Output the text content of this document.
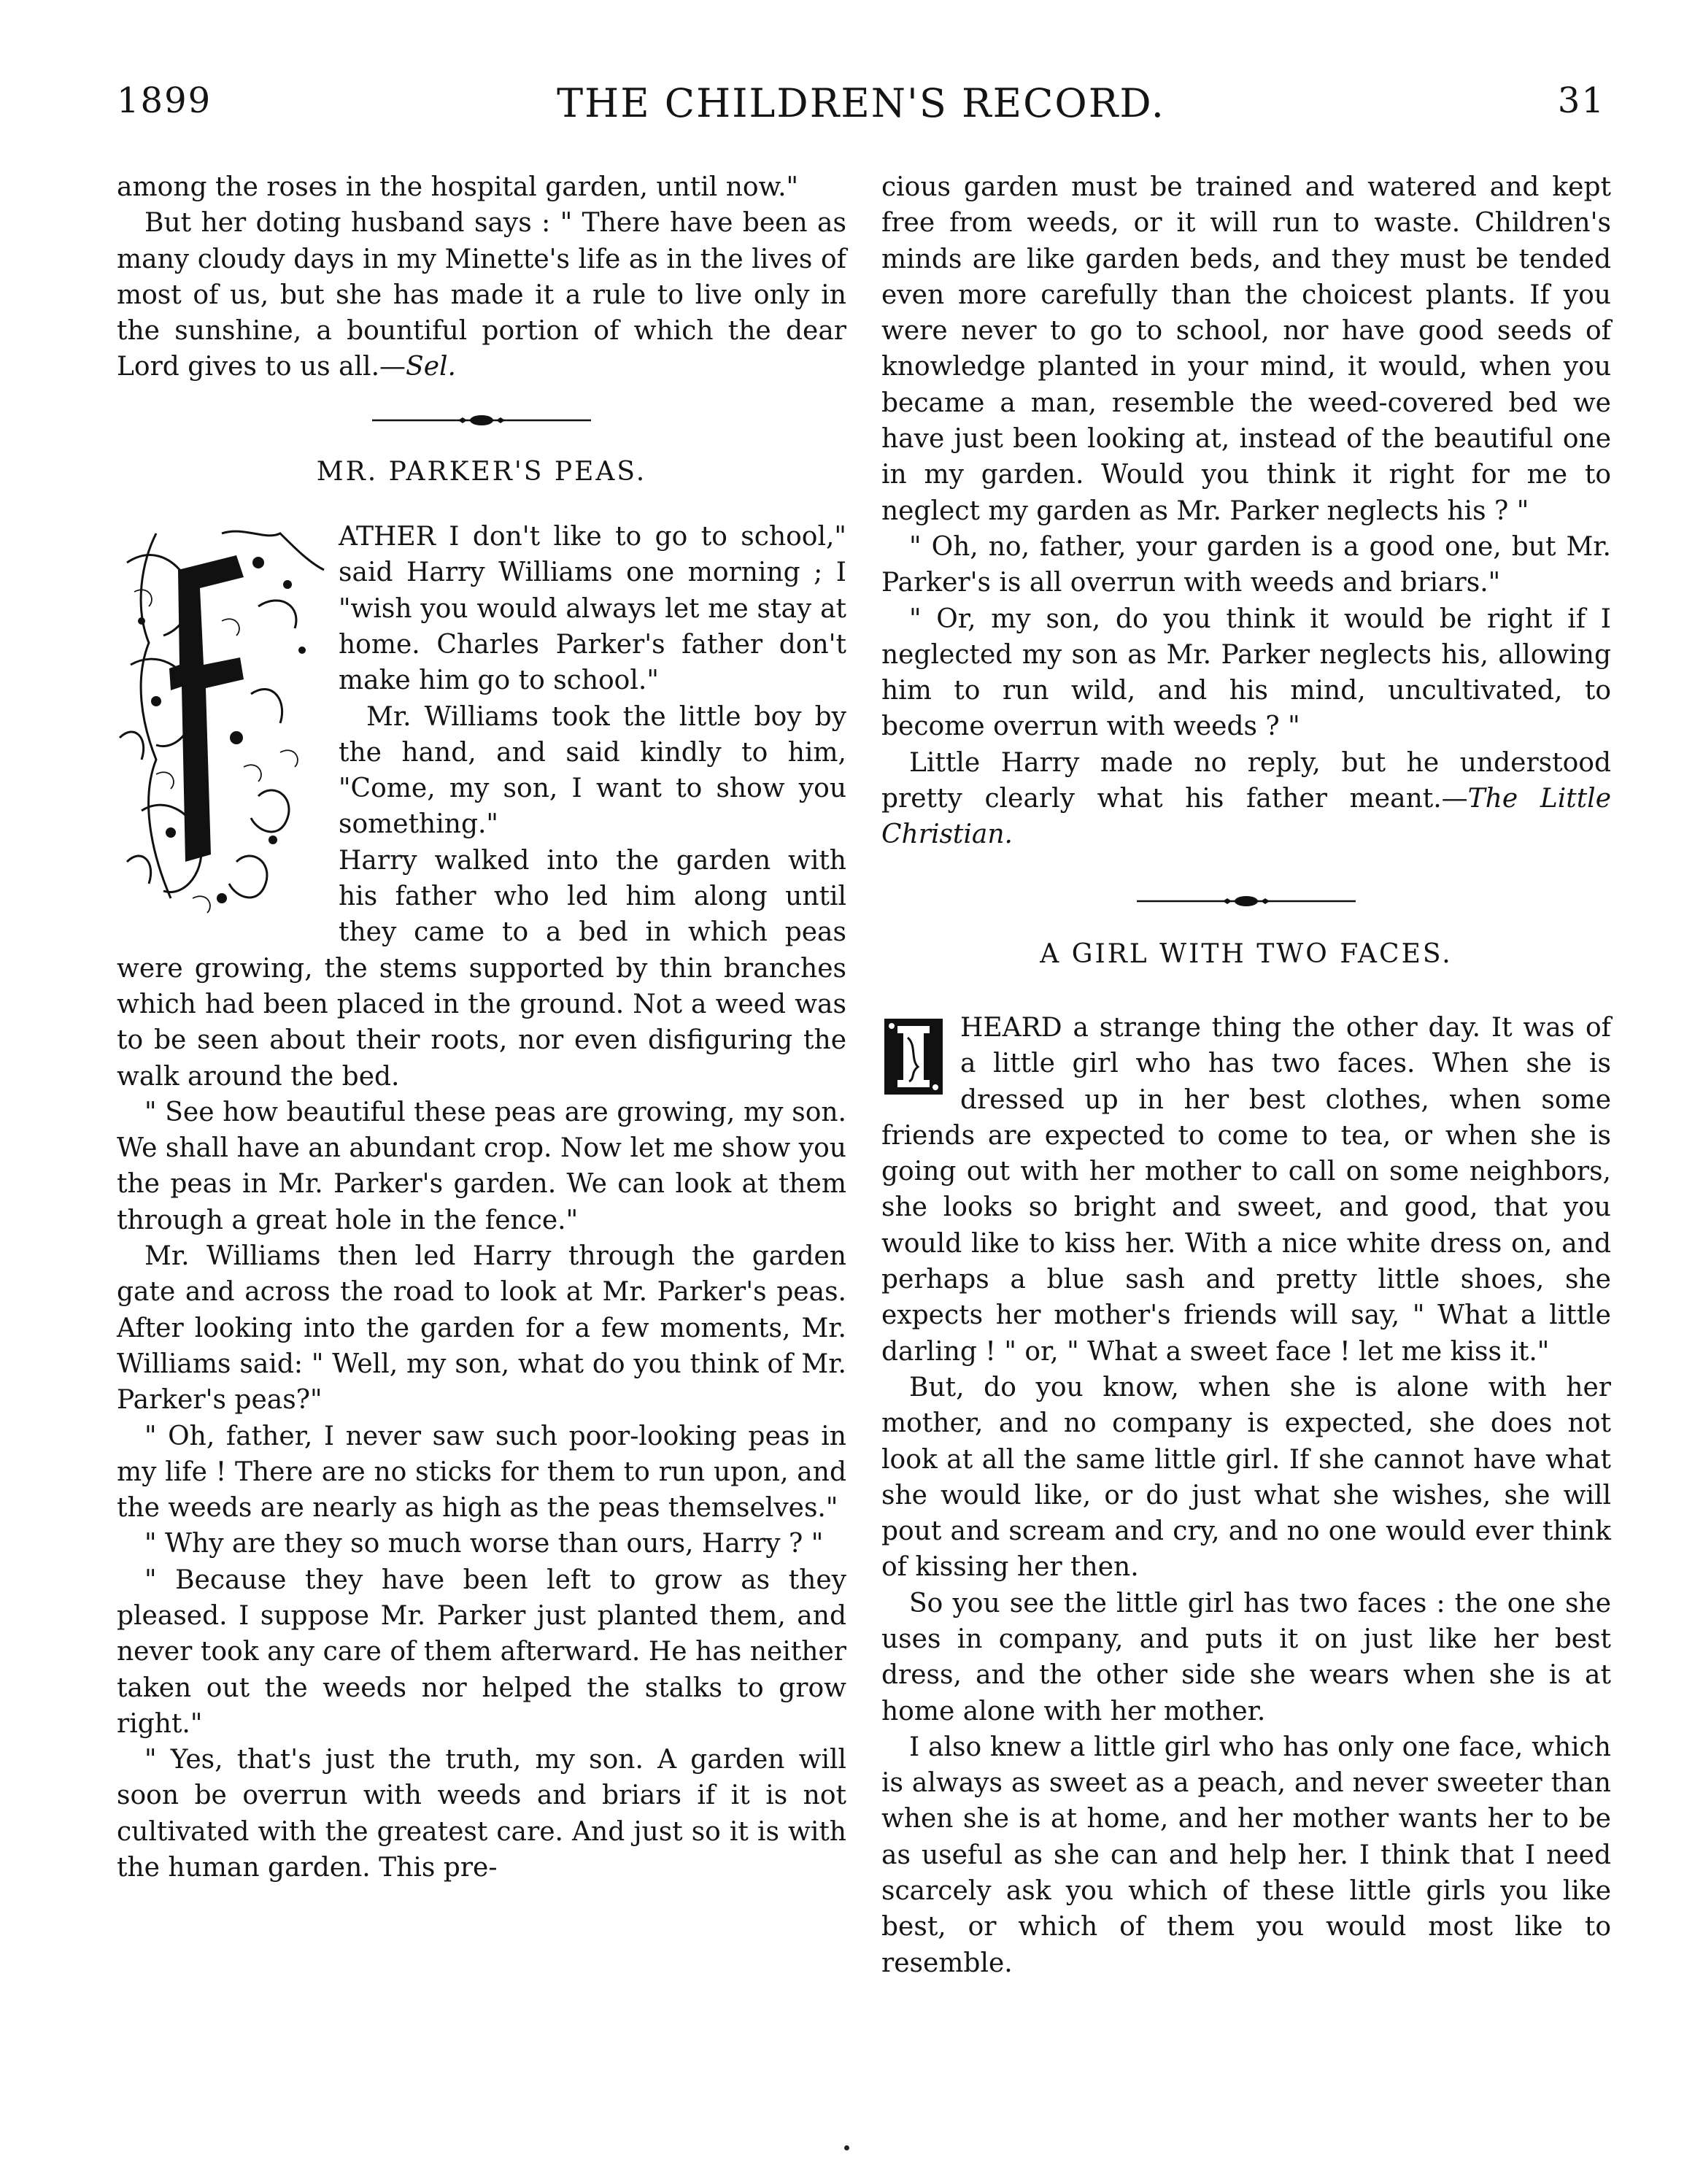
1899	THE CHILDREN'S RECORD.	31

among the roses in the hospital garden, until now."

But her doting husband says : " There have been as many cloudy days in my Minette's life as in the lives of most of us, but she has made it a rule to live only in the sunshine, a bountiful portion of which the dear Lord gives to us all.—Sel.

MR. PARKER'S PEAS.

ATHER I don't like to go to school," said Harry Williams one morning ; I "wish you would always let me stay at home. Charles Parker's father don't make him go to school."

Mr. Williams took the little boy by the hand, and said kindly to him, "Come, my son, I want to show you something."

Harry walked into the garden with his father who led him along until they came to a bed in which peas were growing, the stems supported by thin branches which had been placed in the ground. Not a weed was to be seen about their roots, nor even disfiguring the walk around the bed.

" See how beautiful these peas are growing, my son. We shall have an abundant crop. Now let me show you the peas in Mr. Parker's garden. We can look at them through a great hole in the fence."

Mr. Williams then led Harry through the garden gate and across the road to look at Mr. Parker's peas. After looking into the garden for a few moments, Mr. Williams said: " Well, my son, what do you think of Mr. Parker's peas?"

" Oh, father, I never saw such poor-looking peas in my life ! There are no sticks for them to run upon, and the weeds are nearly as high as the peas themselves."

" Why are they so much worse than ours, Harry ? "

" Because they have been left to grow as they pleased. I suppose Mr. Parker just planted them, and never took any care of them afterward. He has neither taken out the weeds nor helped the stalks to grow right."

" Yes, that's just the truth, my son. A garden will soon be overrun with weeds and briars if it is not cultivated with the greatest care. And just so it is with the human garden. This pre-

cious garden must be trained and watered and kept free from weeds, or it will run to waste. Children's minds are like garden beds, and they must be tended even more carefully than the choicest plants. If you were never to go to school, nor have good seeds of knowledge planted in your mind, it would, when you became a man, resemble the weed-covered bed we have just been looking at, instead of the beautiful one in my garden. Would you think it right for me to neglect my garden as Mr. Parker neglects his ? "

" Oh, no, father, your garden is a good one, but Mr. Parker's is all overrun with weeds and briars."

" Or, my son, do you think it would be right if I neglected my son as Mr. Parker neglects his, allowing him to run wild, and his mind, uncultivated, to become overrun with weeds ? "

Little Harry made no reply, but he understood pretty clearly what his father meant.—The Little Christian.

A GIRL WITH TWO FACES.

HEARD a strange thing the other day. It was of a little girl who has two faces. When she is dressed up in her best clothes, when some friends are expected to come to tea, or when she is going out with her mother to call on some neighbors, she looks so bright and sweet, and good, that you would like to kiss her. With a nice white dress on, and perhaps a blue sash and pretty little shoes, she expects her mother's friends will say, " What a little darling ! " or, " What a sweet face ! let me kiss it."

But, do you know, when she is alone with her mother, and no company is expected, she does not look at all the same little girl. If she cannot have what she would like, or do just what she wishes, she will pout and scream and cry, and no one would ever think of kissing her then.

So you see the little girl has two faces : the one she uses in company, and puts it on just like her best dress, and the other side she wears when she is at home alone with her mother.

I also knew a little girl who has only one face, which is always as sweet as a peach, and never sweeter than when she is at home, and her mother wants her to be as useful as she can and help her. I think that I need scarcely ask you which of these little girls you like best, or which of them you would most like to resemble.
